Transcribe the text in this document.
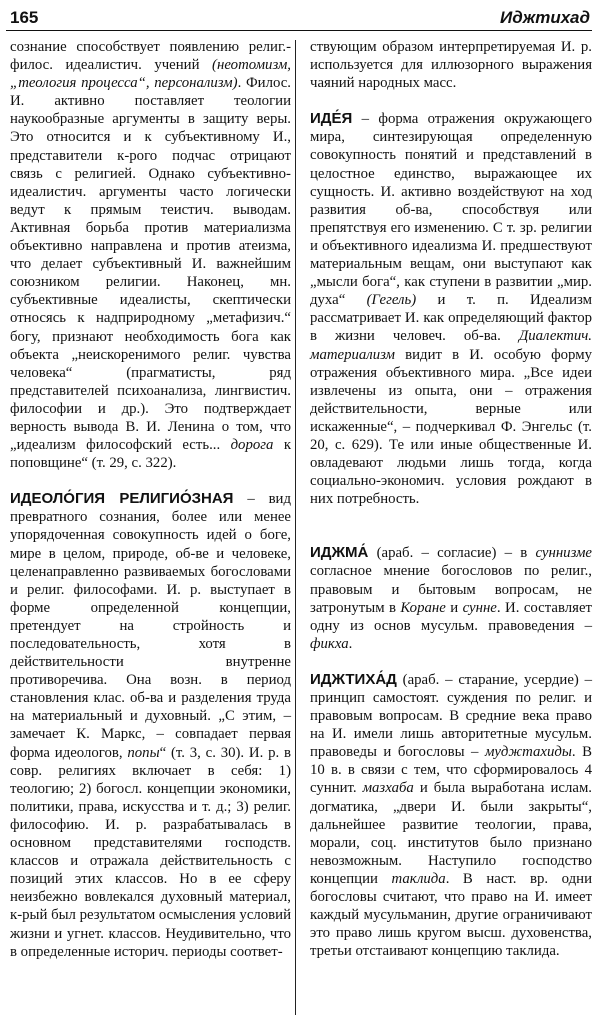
165	Иджтихад

сознание способствует появлению религ.-филос. идеалистич. учений (неотомизм, „теология процесса“, персонализм). Филос. И. активно поставляет теологии наукообразные аргументы в защиту веры. Это относится и к субъективному И., представители к-рого подчас отрицают связь с религией. Однако субъективно-идеалистич. аргументы часто логически ведут к прямым теистич. выводам. Активная борьба против материализма объективно направлена и против атеизма, что делает субъективный И. важнейшим союзником религии. Наконец, мн. субъективные идеалисты, скептически относясь к надприродному „метафизич.“ богу, признают необходимость бога как объекта „неискоренимого религ. чувства человека“ (прагматисты, ряд представителей психоанализа, лингвистич. философии и др.). Это подтверждает верность вывода В. И. Ленина о том, что „идеализм философский есть... дорога к поповщине“ (т. 29, с. 322).

ИДЕОЛО́ГИЯ РЕЛИГИО́ЗНАЯ – вид превратного сознания, более или менее упорядоченная совокупность идей о боге, мире в целом, природе, об-ве и человеке, целенаправленно развиваемых богословами и религ. философами. И. р. выступает в форме определенной концепции, претендует на стройность и последовательность, хотя в действительности внутренне противоречива. Она возн. в период становления клас. об-ва и разделения труда на материальный и духовный. „С этим, – замечает К. Маркс, – совпадает первая форма идеологов, попы“ (т. 3, с. 30). И. р. в совр. религиях включает в себя: 1) теологию; 2) богосл. концепции экономики, политики, права, искусства и т. д.; 3) религ. философию. И. р. разрабатывалась в основном представителями господств. классов и отражала действительность с позиций этих классов. Но в ее сферу неизбежно вовлекался духовный материал, к-рый был результатом осмысления условий жизни и угнет. классов. Неудивительно, что в определенные историч. периоды соответ-

ствующим образом интерпретируемая И. р. используется для иллюзорного выражения чаяний народных масс.

ИДЕ́Я – форма отражения окружающего мира, синтезирующая определенную совокупность понятий и представлений в целостное единство, выражающее их сущность. И. активно воздействуют на ход развития об-ва, способствуя или препятствуя его изменению. С т. зр. религии и объективного идеализма И. предшествуют материальным вещам, они выступают как „мысли бога“, как ступени в развитии „мир. духа“ (Гегель) и т. п. Идеализм рассматривает И. как определяющий фактор в жизни человеч. об-ва. Диалектич. материализм видит в И. особую форму отражения объективного мира. „Все идеи извлечены из опыта, они – отражения действительности, верные или искаженные“, – подчеркивал Ф. Энгельс (т. 20, с. 629). Те или иные общественные И. овладевают людьми лишь тогда, когда социально-экономич. условия рождают в них потребность.

ИДЖМА́ (араб. – согласие) – в суннизме согласное мнение богословов по религ., правовым и бытовым вопросам, не затронутым в Коране и сунне. И. составляет одну из основ мусульм. правоведения – фикха.

ИДЖТИХА́Д (араб. – старание, усердие) – принцип самостоят. суждения по религ. и правовым вопросам. В средние века право на И. имели лишь авторитетные мусульм. правоведы и богословы – муджтахиды. В 10 в. в связи с тем, что сформировалось 4 суннит. мазхаба и была выработана ислам. догматика, „двери И. были закрыты“, дальнейшее развитие теологии, права, морали, соц. институтов было признано невозможным. Наступило господство концепции таклида. В наст. вр. одни богословы считают, что право на И. имеет каждый мусульманин, другие ограничивают это право лишь кругом высш. духовенства, третьи отстаивают концепцию таклида.
